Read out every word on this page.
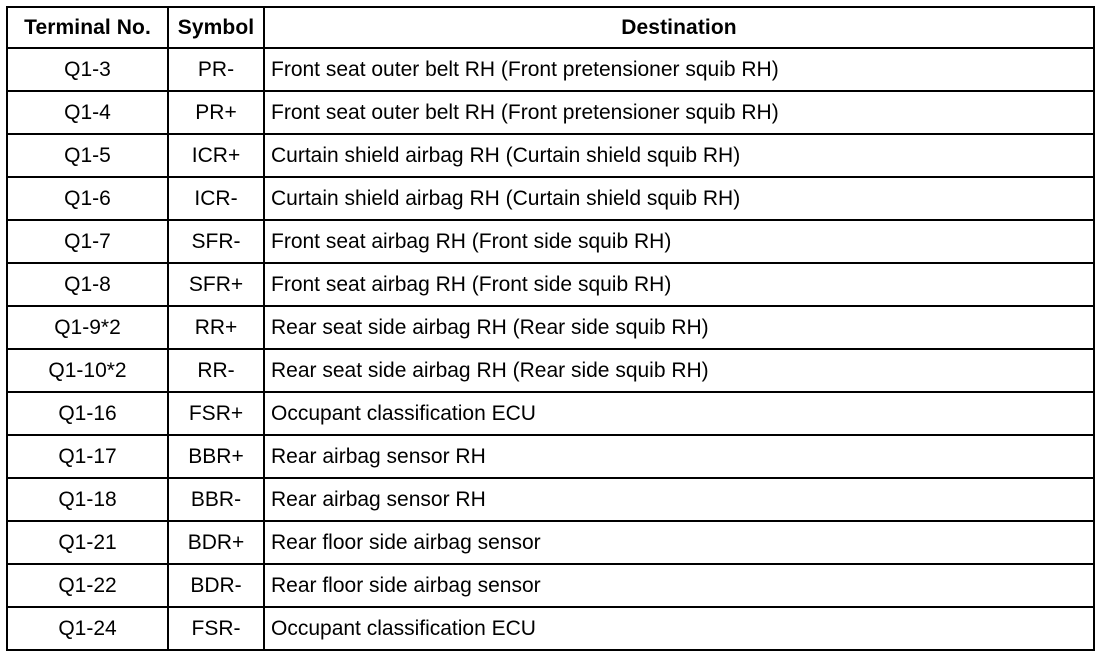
Terminal No.	Symbol	Destination
Q1-3	PR-	Front seat outer belt RH (Front pretensioner squib RH)
Q1-4	PR+	Front seat outer belt RH (Front pretensioner squib RH)
Q1-5	ICR+	Curtain shield airbag RH (Curtain shield squib RH)
Q1-6	ICR-	Curtain shield airbag RH (Curtain shield squib RH)
Q1-7	SFR-	Front seat airbag RH (Front side squib RH)
Q1-8	SFR+	Front seat airbag RH (Front side squib RH)
Q1-9*2	RR+	Rear seat side airbag RH (Rear side squib RH)
Q1-10*2	RR-	Rear seat side airbag RH (Rear side squib RH)
Q1-16	FSR+	Occupant classification ECU
Q1-17	BBR+	Rear airbag sensor RH
Q1-18	BBR-	Rear airbag sensor RH
Q1-21	BDR+	Rear floor side airbag sensor
Q1-22	BDR-	Rear floor side airbag sensor
Q1-24	FSR-	Occupant classification ECU
